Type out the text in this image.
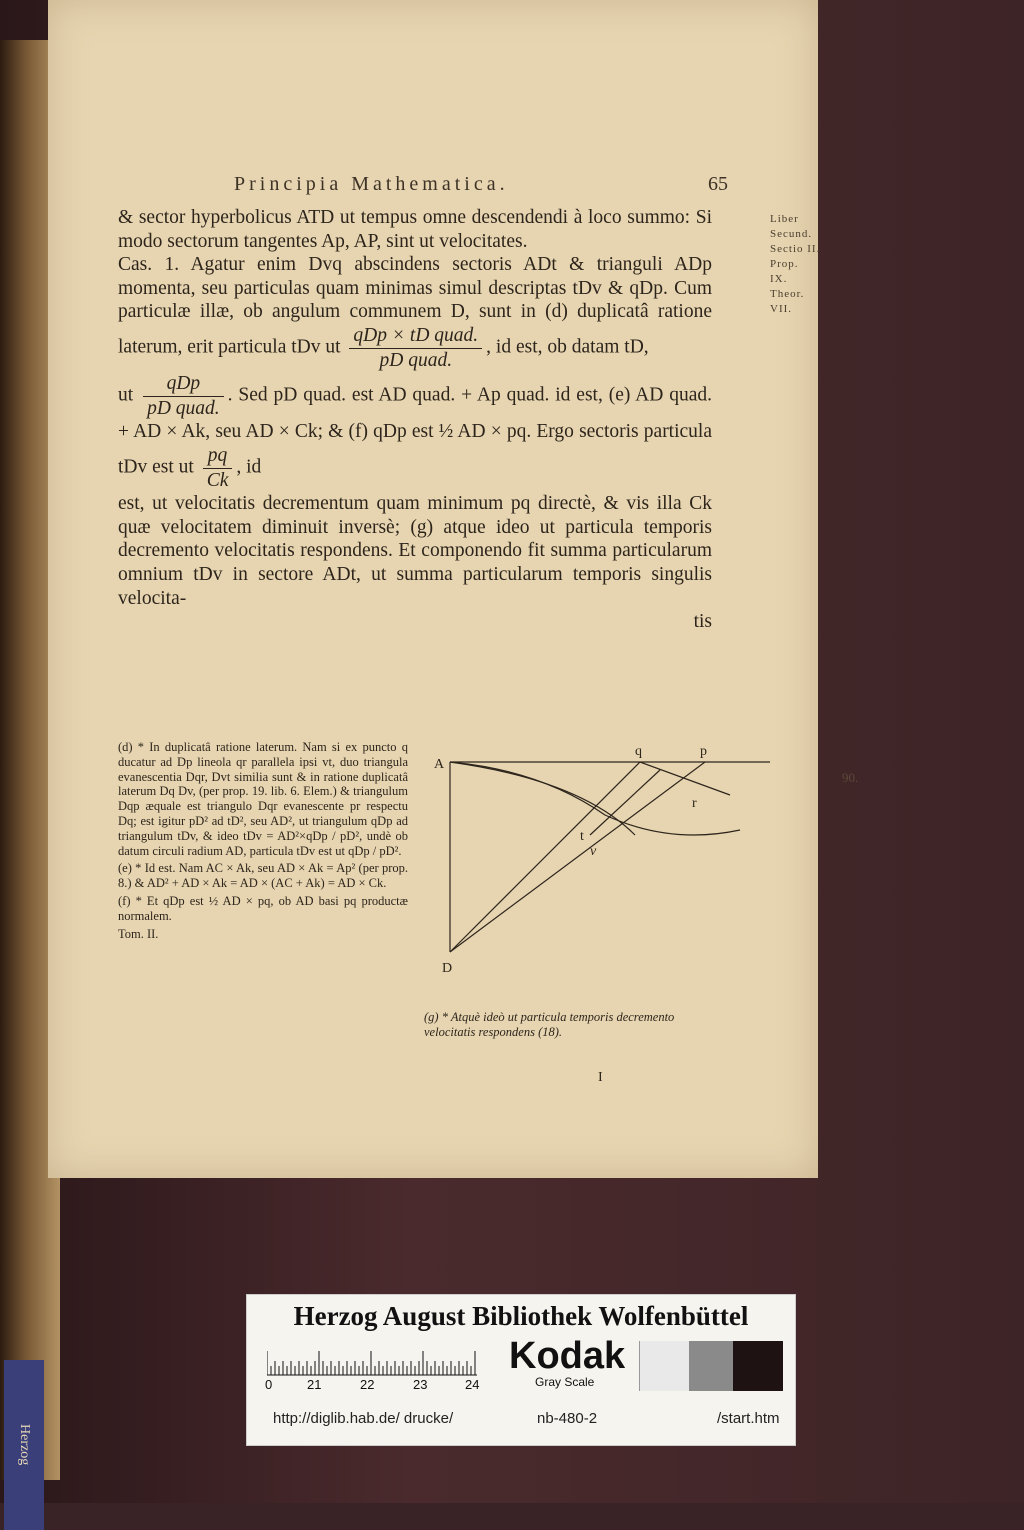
Herzog
Principia Mathematica.	65
Liber
Secund.
Sectio II.
Prop.
IX.
Theor.
VII.
90.

& sector hyperbolicus ATD ut tempus omne descendendi à loco summo: Si modo sectorum tangentes Ap, AP, sint ut velocitates.

Cas. 1. Agatur enim Dvq abscindens sectoris ADt & trianguli ADp momenta, seu particulas quam minimas simul descriptas tDv & qDp. Cum particulæ illæ, ob angulum communem D, sunt in (d) duplicatâ ratione laterum, erit particula tDv ut $\frac{\text{qDp × tD quad.}}{\text{pD quad.}}$ , id est, ob datam tD,

ut $\frac{\text{qDp}}{\text{pD quad.}}$ . Sed pD quad. est AD quad. + Ap quad. id est, (e) AD quad. + AD × Ak, seu AD × Ck; & (f) qDp est ½ AD × pq. Ergo sectoris particula tDv est ut $\frac{pq}{Ck}$ , id

est, ut velocitatis decrementum quam minimum pq directè, & vis illa Ck quæ velocitatem diminuit inversè; (g) atque ideo ut particula temporis decremento velocitatis respondens. Et componendo fit summa particularum omnium tDv in sectore ADt, ut summa particularum temporis singulis velocita-

tis

(d) * In duplicatâ ratione laterum. Nam si ex puncto q ducatur ad Dp lineola qr parallela ipsi vt, duo triangula evanescentia Dqr, Dvt similia sunt & in ratione duplicatâ laterum Dq Dv, (per prop. 19. lib. 6. Elem.) & triangulum Dqp æquale est triangulo Dqr evanescente pr respectu Dq; est igitur pD² ad tD², seu AD², ut triangulum qDp ad triangulum tDv, & ideo tDv = AD²×qDp / pD², undè ob datum circuli radium AD, particula tDv est ut qDp / pD².

(e) * Id est. Nam AC × Ak, seu AD × Ak = Ap² (per prop. 8.) & AD² + AD × Ak = AD × (AC + Ak) = AD × Ck.

(f) * Et qDp est ½ AD × pq, ob AD basi pq productæ normalem.

Tom. II.

A
q	p
v
r
t
D
(g) * Atquè ideò ut particula temporis decremento velocitatis respondens (18).
I
Herzog August Bibliothek Wolfenbüttel
0	21	22	23	24
Kodak
Gray Scale
http://diglib.hab.de/ drucke/	nb-480-2	/start.htm
